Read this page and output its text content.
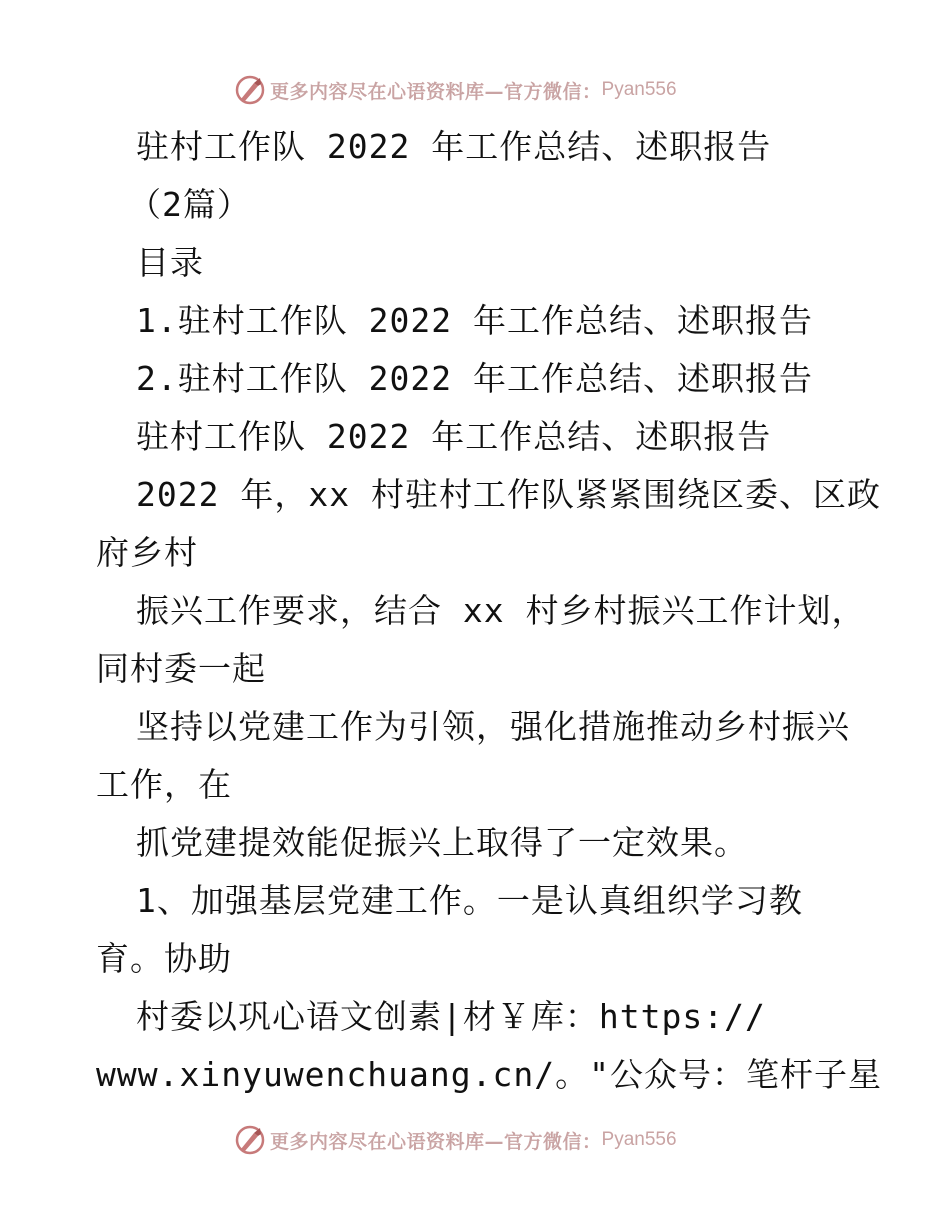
更多内容尽在心语资料库—官方微信： Pyan556
驻村工作队 2022 年工作总结、述职报告
（2篇）
目录
1.驻村工作队 2022 年工作总结、述职报告
2.驻村工作队 2022 年工作总结、述职报告
驻村工作队 2022 年工作总结、述职报告
2022 年，xx 村驻村工作队紧紧围绕区委、区政
府乡村
振兴工作要求，结合 xx 村乡村振兴工作计划，
同村委一起
坚持以党建工作为引领，强化措施推动乡村振兴
工作，在
抓党建提效能促振兴上取得了一定效果。
1、加强基层党建工作。一是认真组织学习教
育。协助
村委以巩心语文创素|材￥库：https://
www.xinyuwenchuang.cn/。"公众号：笔杆子星
更多内容尽在心语资料库—官方微信： Pyan556
